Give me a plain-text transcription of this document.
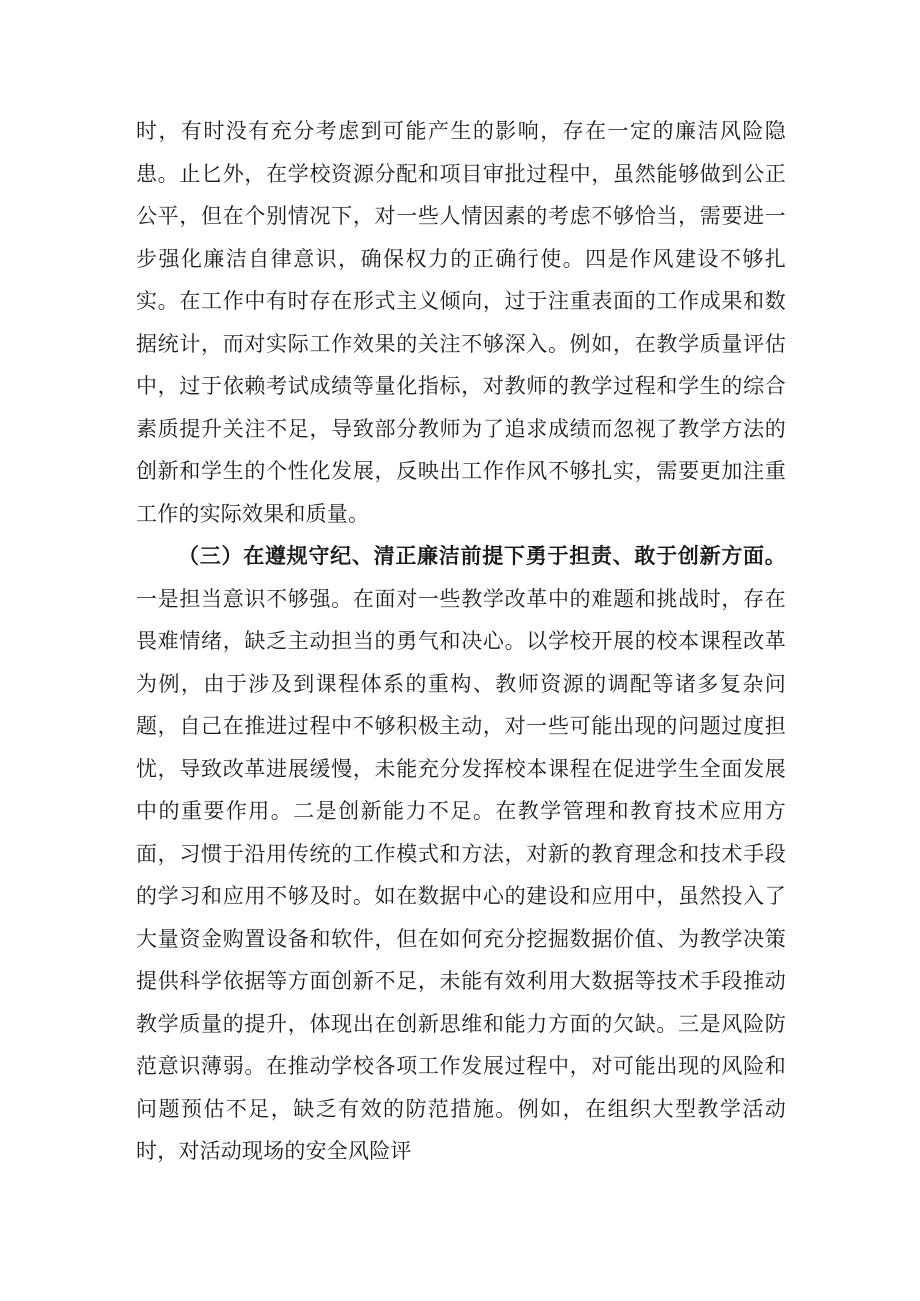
时，有时没有充分考虑到可能产生的影响，存在一定的廉洁风险隐患。止匕外，在学校资源分配和项目审批过程中，虽然能够做到公正公平，但在个别情况下，对一些人情因素的考虑不够恰当，需要进一步强化廉洁自律意识，确保权力的正确行使。四是作风建设不够扎实。在工作中有时存在形式主义倾向，过于注重表面的工作成果和数据统计，而对实际工作效果的关注不够深入。例如，在教学质量评估中，过于依赖考试成绩等量化指标，对教师的教学过程和学生的综合素质提升关注不足，导致部分教师为了追求成绩而忽视了教学方法的创新和学生的个性化发展，反映出工作作风不够扎实，需要更加注重工作的实际效果和质量。

（三）在遵规守纪、清正廉洁前提下勇于担责、敢于创新方面。一是担当意识不够强。在面对一些教学改革中的难题和挑战时，存在畏难情绪，缺乏主动担当的勇气和决心。以学校开展的校本课程改革为例，由于涉及到课程体系的重构、教师资源的调配等诸多复杂问题，自己在推进过程中不够积极主动，对一些可能出现的问题过度担忧，导致改革进展缓慢，未能充分发挥校本课程在促进学生全面发展中的重要作用。二是创新能力不足。在教学管理和教育技术应用方面，习惯于沿用传统的工作模式和方法，对新的教育理念和技术手段的学习和应用不够及时。如在数据中心的建设和应用中，虽然投入了大量资金购置设备和软件，但在如何充分挖掘数据价值、为教学决策提供科学依据等方面创新不足，未能有效利用大数据等技术手段推动教学质量的提升，体现出在创新思维和能力方面的欠缺。三是风险防范意识薄弱。在推动学校各项工作发展过程中，对可能出现的风险和问题预估不足，缺乏有效的防范措施。例如，在组织大型教学活动时，对活动现场的安全风险评
